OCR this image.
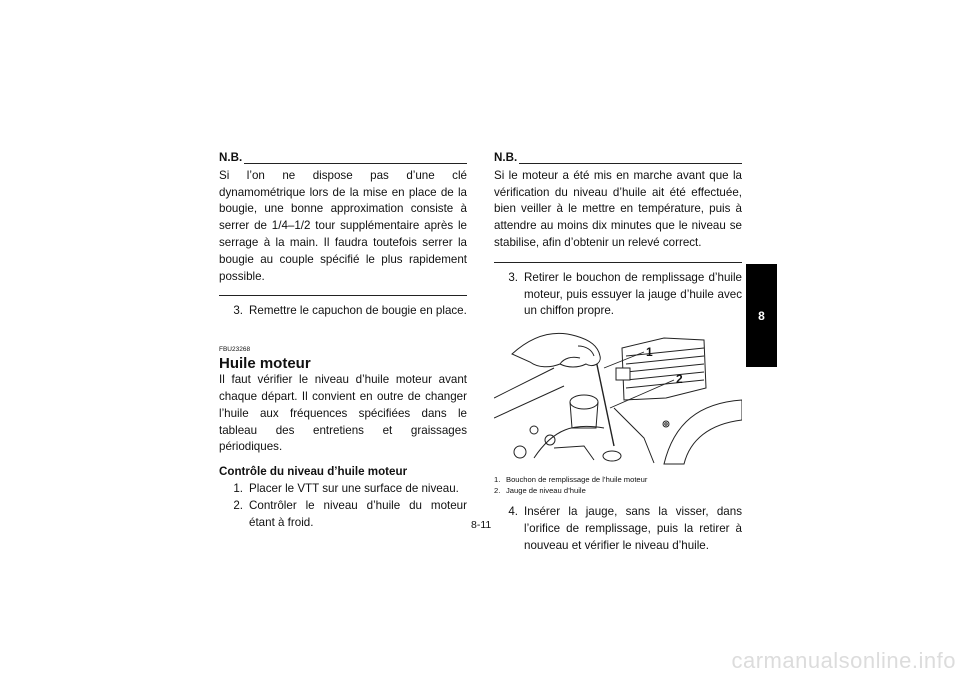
N.B.

Si l’on ne dispose pas d’une clé dynamométrique lors de la mise en place de la bougie, une bonne approximation consiste à serrer de 1/4–1/2 tour supplémentaire après le serrage à la main. Il faudra toutefois serrer la bougie au couple spécifié le plus rapidement possible.

3. Remettre le capuchon de bougie en place.
FBU23268
Huile moteur

Il faut vérifier le niveau d’huile moteur avant chaque départ. Il convient en outre de changer l’huile aux fréquences spécifiées dans le tableau des entretiens et graissages périodiques.

Contrôle du niveau d’huile moteur
1. Placer le VTT sur une surface de niveau.
2. Contrôler le niveau d’huile du moteur étant à froid.
N.B.

Si le moteur a été mis en marche avant que la vérification du niveau d’huile ait été effectuée, bien veiller à le mettre en température, puis à attendre au moins dix minutes que le niveau se stabilise, afin d’obtenir un relevé correct.

3. Retirer le bouchon de remplissage d’huile moteur, puis essuyer la jauge d’huile avec un chiffon propre.
1
2
1. Bouchon de remplissage de l’huile moteur
2. Jauge de niveau d’huile
4. Insérer la jauge, sans la visser, dans l’orifice de remplissage, puis la retirer à nouveau et vérifier le niveau d’huile.
8-11
8
carmanualsonline.info
